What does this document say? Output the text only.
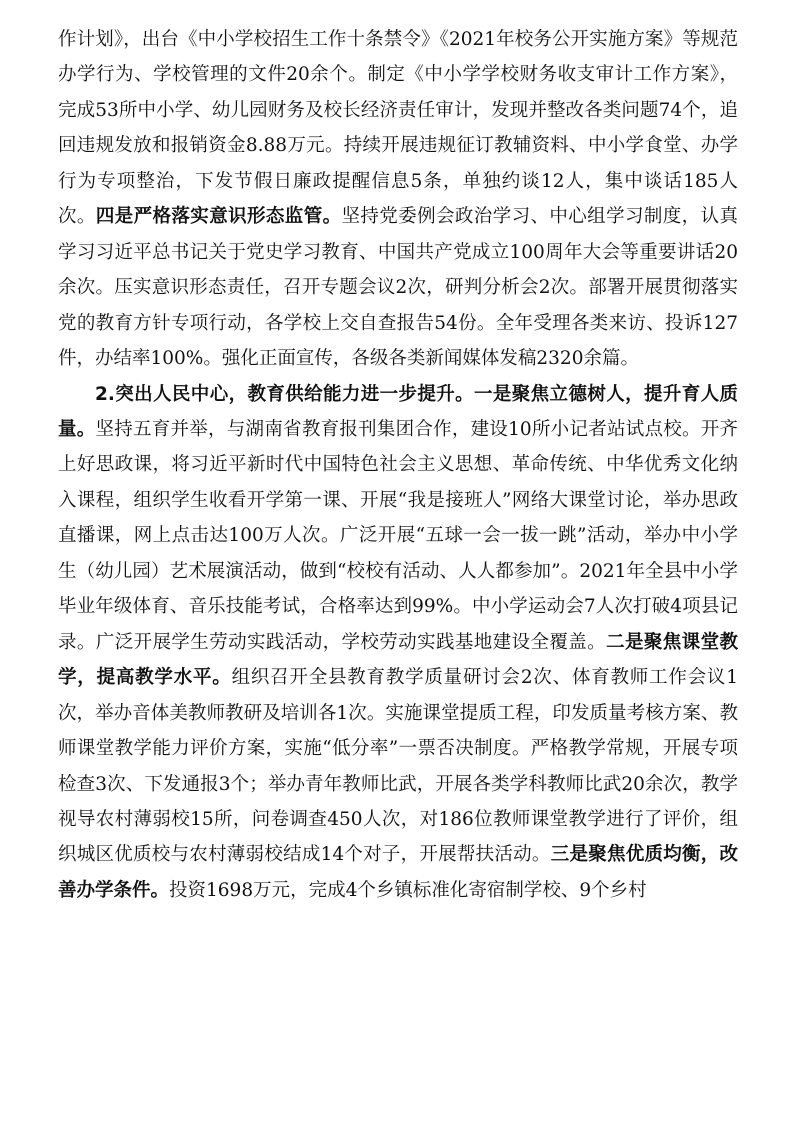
作计划》，出台《中小学校招生工作十条禁令》《2021年校务公开实施方案》等规范办学行为、学校管理的文件20余个。制定《中小学学校财务收支审计工作方案》，完成53所中小学、幼儿园财务及校长经济责任审计，发现并整改各类问题74个，追回违规发放和报销资金8.88万元。持续开展违规征订教辅资料、中小学食堂、办学行为专项整治，下发节假日廉政提醒信息5条，单独约谈12人，集中谈话185人次。四是严格落实意识形态监管。坚持党委例会政治学习、中心组学习制度，认真学习习近平总书记关于党史学习教育、中国共产党成立100周年大会等重要讲话20余次。压实意识形态责任，召开专题会议2次，研判分析会2次。部署开展贯彻落实党的教育方针专项行动，各学校上交自查报告54份。全年受理各类来访、投诉127件，办结率100%。强化正面宣传，各级各类新闻媒体发稿2320余篇。

2.突出人民中心，教育供给能力进一步提升。一是聚焦立德树人，提升育人质量。坚持五育并举，与湖南省教育报刊集团合作，建设10所小记者站试点校。开齐上好思政课，将习近平新时代中国特色社会主义思想、革命传统、中华优秀文化纳入课程，组织学生收看开学第一课、开展“我是接班人”网络大课堂讨论，举办思政直播课，网上点击达100万人次。广泛开展“五球一会一拔一跳”活动，举办中小学生（幼儿园）艺术展演活动，做到“校校有活动、人人都参加”。2021年全县中小学毕业年级体育、音乐技能考试，合格率达到99%。中小学运动会7人次打破4项县记录。广泛开展学生劳动实践活动，学校劳动实践基地建设全覆盖。二是聚焦课堂教学，提高教学水平。组织召开全县教育教学质量研讨会2次、体育教师工作会议1次，举办音体美教师教研及培训各1次。实施课堂提质工程，印发质量考核方案、教师课堂教学能力评价方案，实施“低分率”一票否决制度。严格教学常规，开展专项检查3次、下发通报3个；举办青年教师比武，开展各类学科教师比武20余次，教学视导农村薄弱校15所，问卷调查450人次，对186位教师课堂教学进行了评价，组织城区优质校与农村薄弱校结成14个对子，开展帮扶活动。三是聚焦优质均衡，改善办学条件。投资1698万元，完成4个乡镇标准化寄宿制学校、9个乡村
